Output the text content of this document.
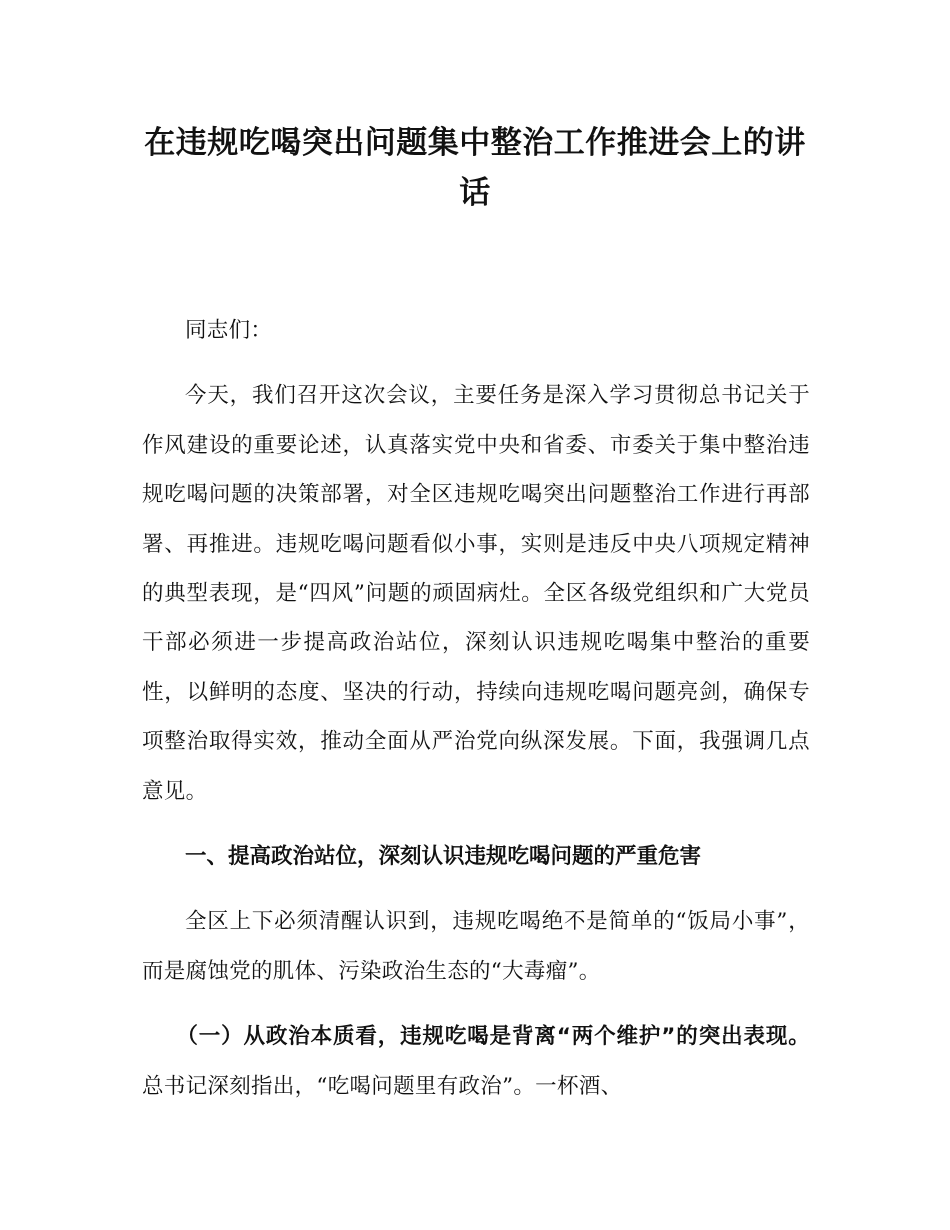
在违规吃喝突出问题集中整治工作推进会上的讲话

同志们：

今天，我们召开这次会议，主要任务是深入学习贯彻总书记关于作风建设的重要论述，认真落实党中央和省委、市委关于集中整治违规吃喝问题的决策部署，对全区违规吃喝突出问题整治工作进行再部署、再推进。违规吃喝问题看似小事，实则是违反中央八项规定精神的典型表现，是“四风”问题的顽固病灶。全区各级党组织和广大党员干部必须进一步提高政治站位，深刻认识违规吃喝集中整治的重要性，以鲜明的态度、坚决的行动，持续向违规吃喝问题亮剑，确保专项整治取得实效，推动全面从严治党向纵深发展。下面，我强调几点意见。

一、提高政治站位，深刻认识违规吃喝问题的严重危害

全区上下必须清醒认识到，违规吃喝绝不是简单的“饭局小事”，而是腐蚀党的肌体、污染政治生态的“大毒瘤”。

（一）从政治本质看，违规吃喝是背离“两个维护”的突出表现。总书记深刻指出，“吃喝问题里有政治”。一杯酒、
